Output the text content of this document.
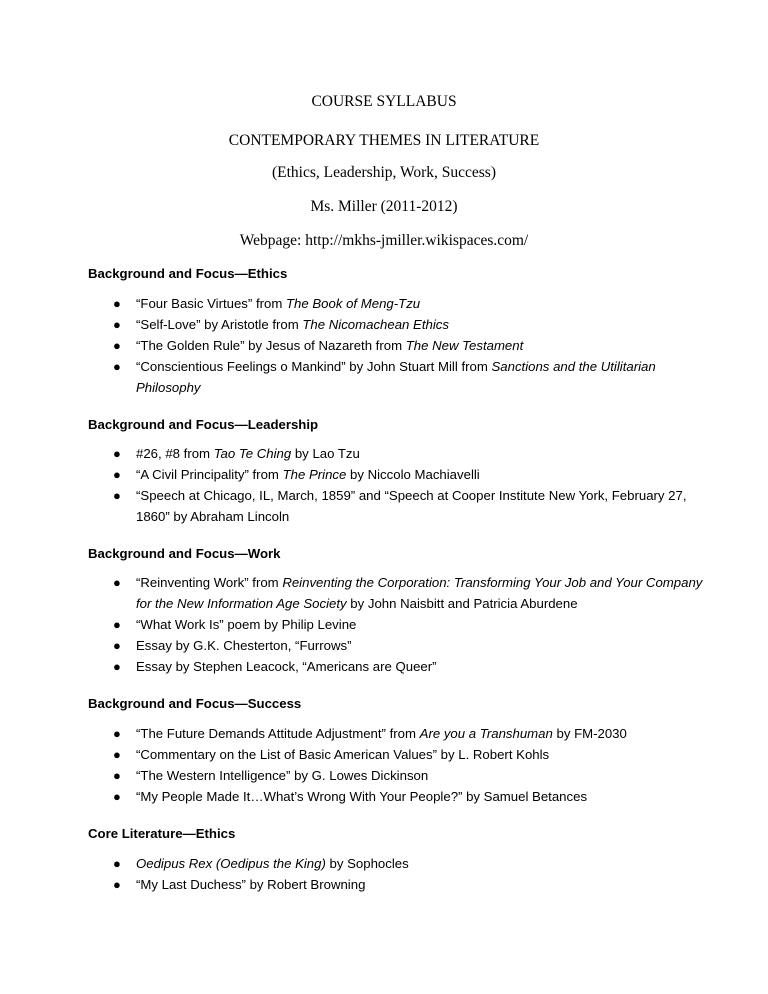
COURSE SYLLABUS
CONTEMPORARY THEMES IN LITERATURE
(Ethics, Leadership, Work, Success)
Ms. Miller (2011-2012)
Webpage: http://mkhs-jmiller.wikispaces.com/
Background and Focus—Ethics
● “Four Basic Virtues” from The Book of Meng-Tzu
● “Self-Love” by Aristotle from The Nicomachean Ethics
● “The Golden Rule” by Jesus of Nazareth from The New Testament
● “Conscientious Feelings o Mankind” by John Stuart Mill from Sanctions and the Utilitarian Philosophy
Background and Focus—Leadership
● #26, #8 from Tao Te Ching by Lao Tzu
● “A Civil Principality” from The Prince by Niccolo Machiavelli
● “Speech at Chicago, IL, March, 1859” and “Speech at Cooper Institute New York, February 27, 1860” by Abraham Lincoln
Background and Focus—Work
● “Reinventing Work” from Reinventing the Corporation: Transforming Your Job and Your Company for the New Information Age Society by John Naisbitt and Patricia Aburdene
● “What Work Is” poem by Philip Levine
● Essay by G.K. Chesterton, “Furrows”
● Essay by Stephen Leacock, “Americans are Queer”
Background and Focus—Success
● “The Future Demands Attitude Adjustment” from Are you a Transhuman by FM-2030
● “Commentary on the List of Basic American Values” by L. Robert Kohls
● “The Western Intelligence” by G. Lowes Dickinson
● “My People Made It…What’s Wrong With Your People?” by Samuel Betances
Core Literature—Ethics
● Oedipus Rex (Oedipus the King) by Sophocles
● “My Last Duchess” by Robert Browning
